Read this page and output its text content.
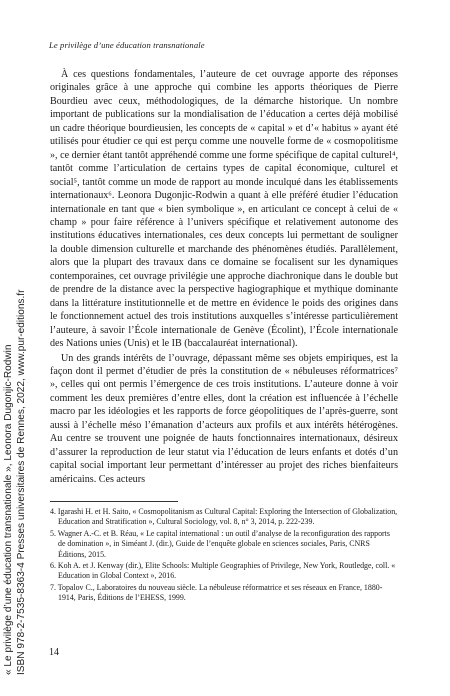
Le privilège d’une éducation transnationale

À ces questions fondamentales, l’auteure de cet ouvrage apporte des réponses originales grâce à une approche qui combine les apports théoriques de Pierre Bourdieu avec ceux, méthodologiques, de la démarche historique. Un nombre important de publications sur la mondialisation de l’éducation a certes déjà mobilisé un cadre théorique bourdieusien, les concepts de « capital » et d’« habitus » ayant été utilisés pour étudier ce qui est perçu comme une nouvelle forme de « cosmopolitisme », ce dernier étant tantôt appréhendé comme une forme spécifique de capital culturel⁴, tantôt comme l’articulation de certains types de capital économique, culturel et social⁵, tantôt comme un mode de rapport au monde inculqué dans les établissements internationaux⁶. Leonora Dugonjic-Rodwin a quant à elle préféré étudier l’éducation internationale en tant que « bien symbolique », en articulant ce concept à celui de « champ » pour faire référence à l’univers spécifique et relativement autonome des institutions éducatives internationales, ces deux concepts lui permettant de souligner la double dimension culturelle et marchande des phénomènes étudiés. Parallèlement, alors que la plupart des travaux dans ce domaine se focalisent sur les dynamiques contemporaines, cet ouvrage privilégie une approche diachronique dans le double but de prendre de la distance avec la perspective hagiographique et mythique dominante dans la littérature institutionnelle et de mettre en évidence le poids des origines dans le fonctionnement actuel des trois institutions auxquelles s’intéresse particulièrement l’auteure, à savoir l’École internationale de Genève (Écolint), l’École internationale des Nations unies (Unis) et le IB (baccalauréat international).

Un des grands intérêts de l’ouvrage, dépassant même ses objets empiriques, est la façon dont il permet d’étudier de près la constitution de « nébuleuses réformatrices⁷ », celles qui ont permis l’émergence de ces trois institutions. L’auteure donne à voir comment les deux premières d’entre elles, dont la création est influencée à l’échelle macro par les idéologies et les rapports de force géopolitiques de l’après-guerre, sont aussi à l’échelle méso l’émanation d’acteurs aux profils et aux intérêts hétérogènes. Au centre se trouvent une poignée de hauts fonctionnaires internationaux, désireux d’assurer la reproduction de leur statut via l’éducation de leurs enfants et dotés d’un capital social important leur permettant d’intéresser au projet des riches bienfaiteurs américains. Ces acteurs

4. Igarashi H. et H. Saito, « Cosmopolitanism as Cultural Capital: Exploring the Intersection of Globalization, Education and Stratification », Cultural Sociology, vol. 8, n° 3, 2014, p. 222-239.

5. Wagner A.-C. et B. Réau, « Le capital international : un outil d’analyse de la reconfiguration des rapports de domination », in Siméant J. (dir.), Guide de l’enquête globale en sciences sociales, Paris, CNRS Éditions, 2015.

6. Koh A. et J. Kenway (dir.), Elite Schools: Multiple Geographies of Privilege, New York, Routledge, coll. « Education in Global Context », 2016.

7. Topalov C., Laboratoires du nouveau siècle. La nébuleuse réformatrice et ses réseaux en France, 1880-1914, Paris, Éditions de l’EHESS, 1999.

14
« Le privilège d’une éducation transnationale », Leonora Dugonjic-Rodwin ISBN 978-2-7535-8363-4 Presses universitaires de Rennes, 2022, www.pur-editions.fr
